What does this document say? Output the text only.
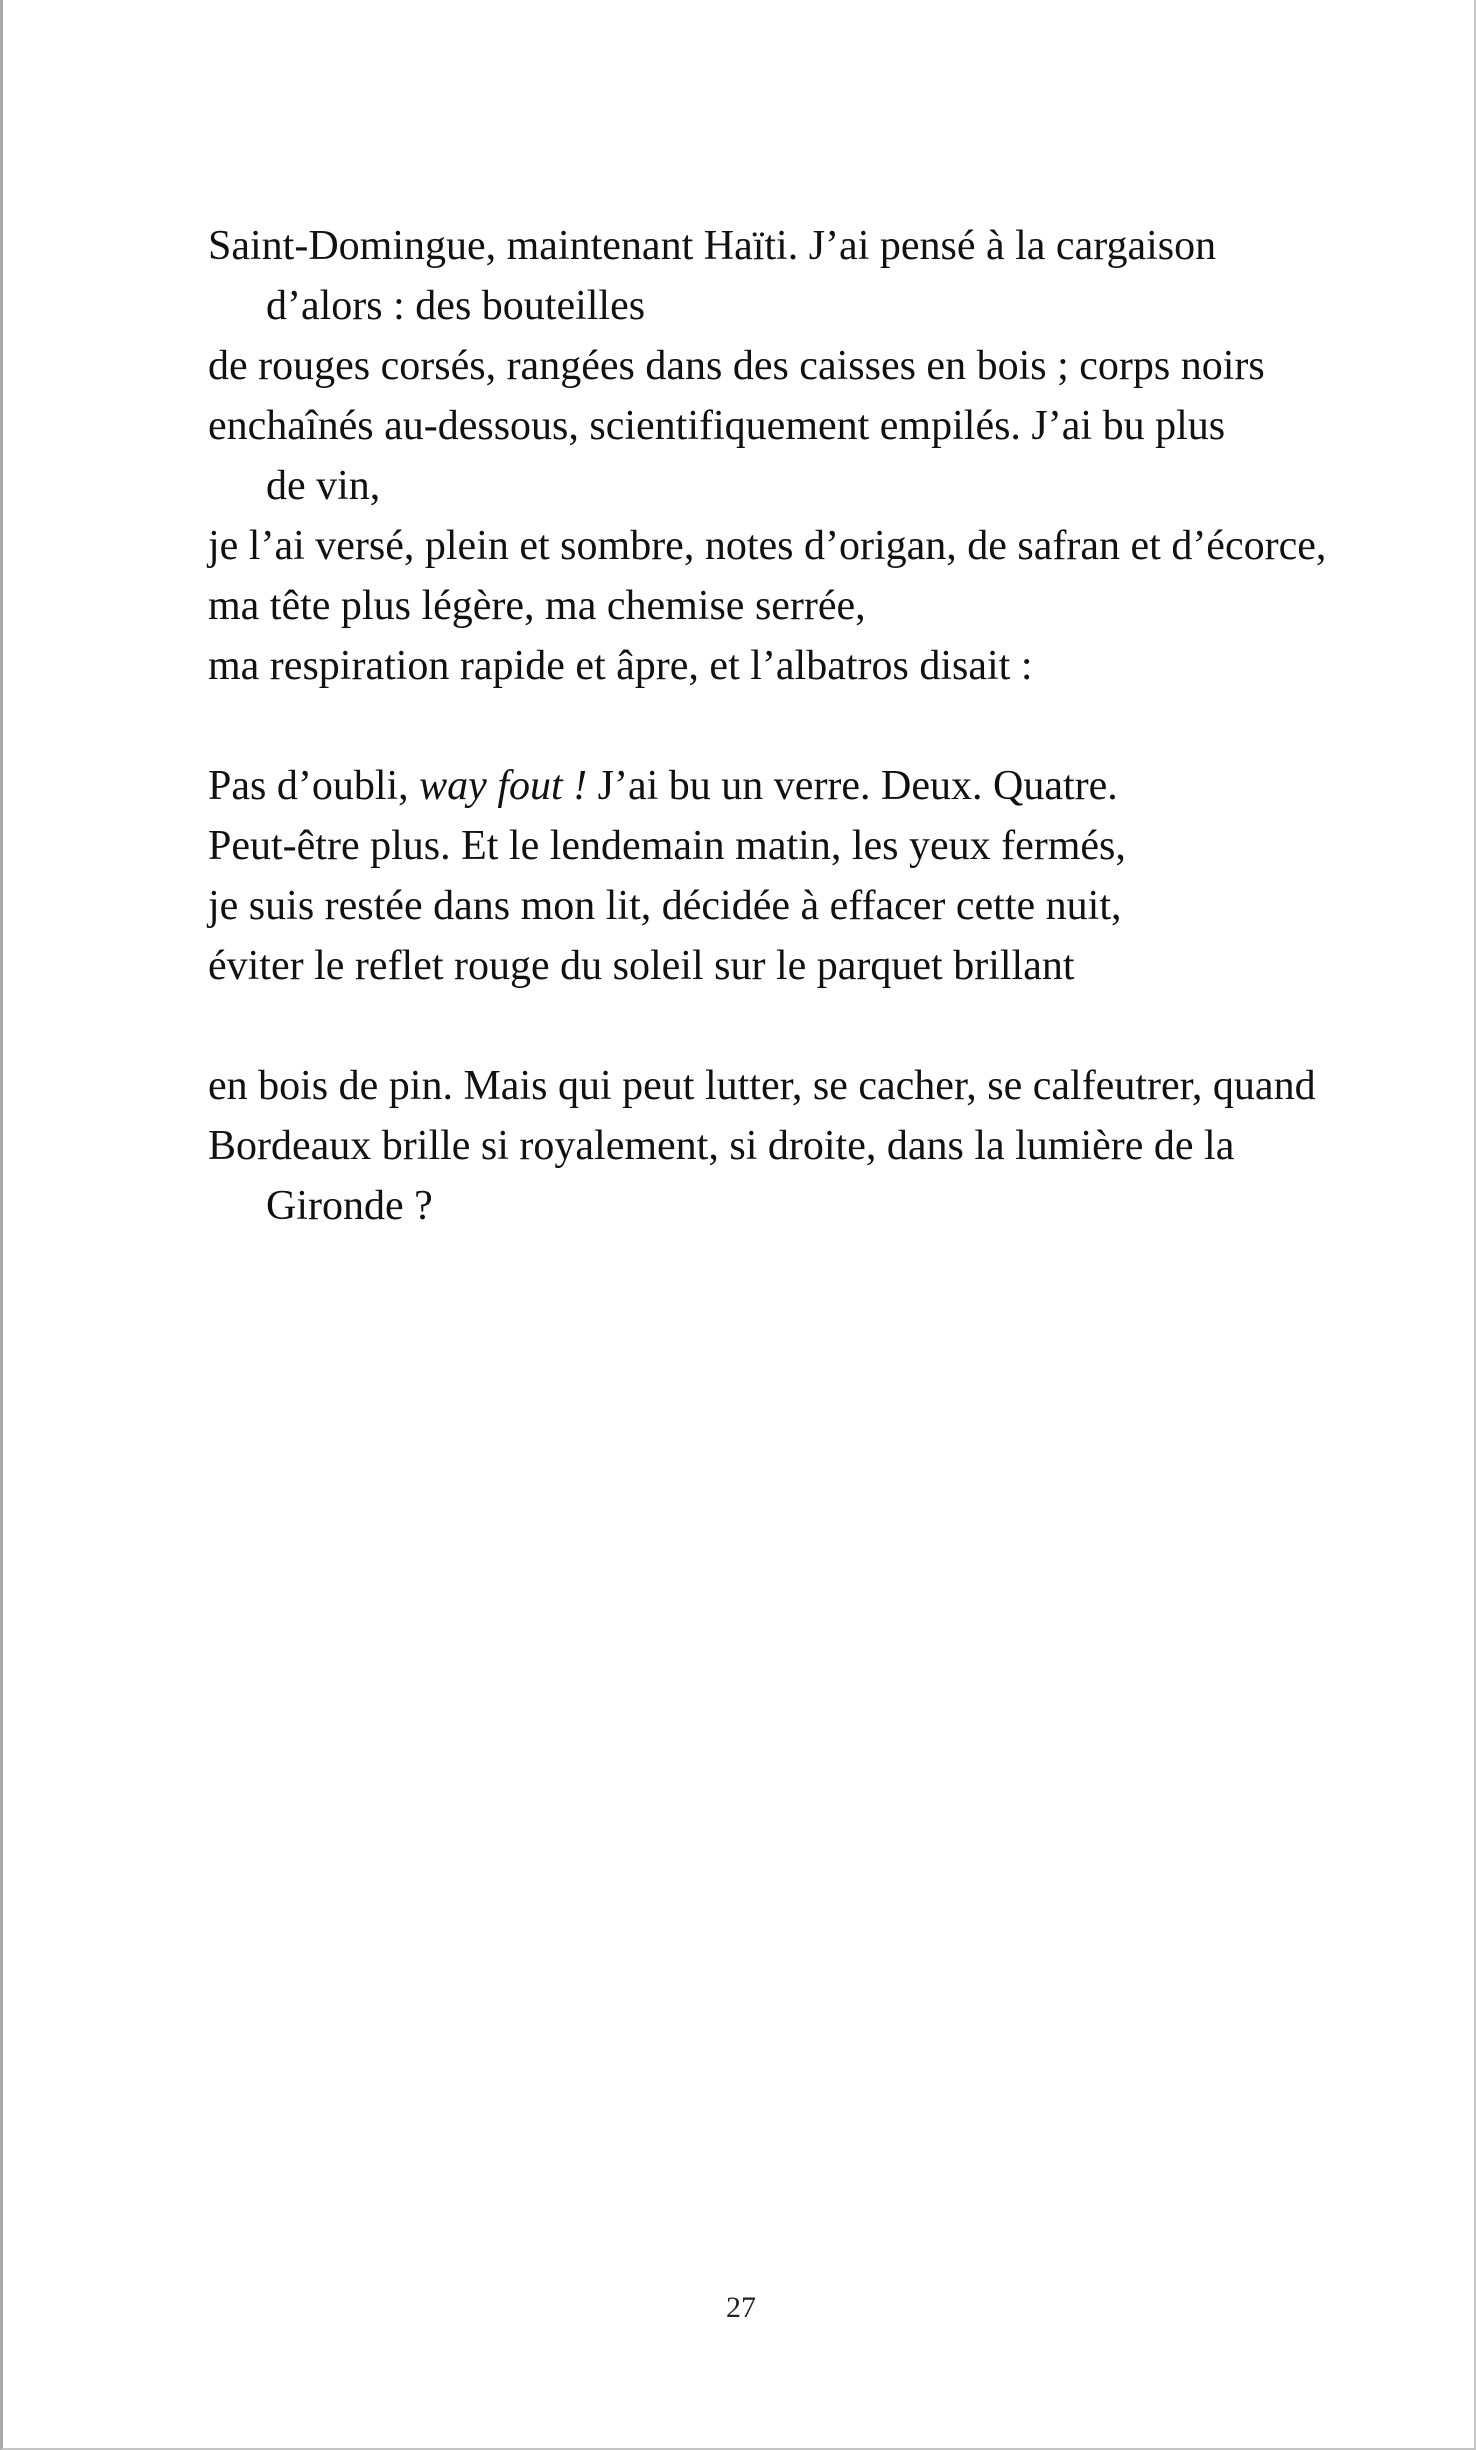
Saint-Domingue, maintenant Haïti. J’ai pensé à la cargaison
d’alors : des bouteilles
de rouges corsés, rangées dans des caisses en bois ; corps noirs
enchaînés au-dessous, scientifiquement empilés. J’ai bu plus
de vin,
je l’ai versé, plein et sombre, notes d’origan, de safran et d’écorce,
ma tête plus légère, ma chemise serrée,
ma respiration rapide et âpre, et l’albatros disait :
Pas d’oubli, way fout ! J’ai bu un verre. Deux. Quatre.
Peut-être plus. Et le lendemain matin, les yeux fermés,
je suis restée dans mon lit, décidée à effacer cette nuit,
éviter le reflet rouge du soleil sur le parquet brillant
en bois de pin. Mais qui peut lutter, se cacher, se calfeutrer, quand
Bordeaux brille si royalement, si droite, dans la lumière de la
Gironde ?
27
